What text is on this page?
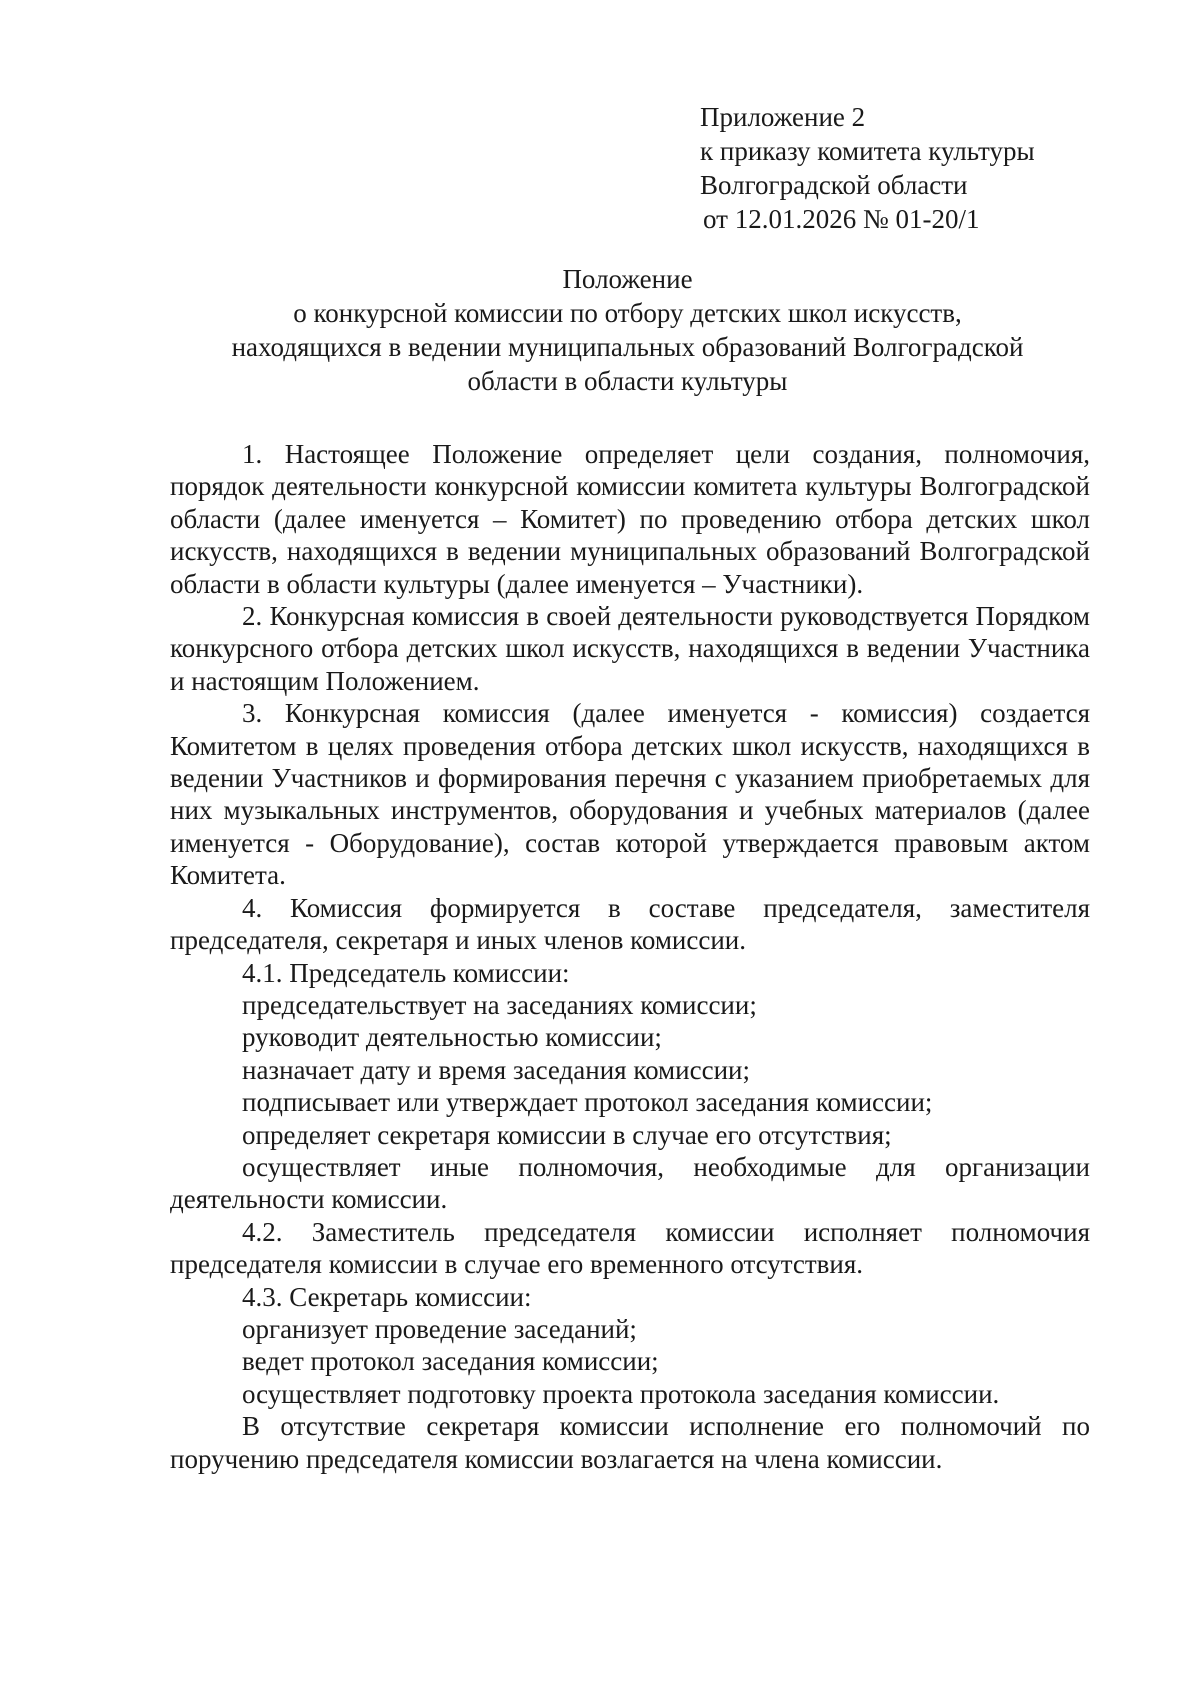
Приложение 2
к приказу комитета культуры
Волгоградской области
от 12.01.2026 № 01-20/1
Положение
о конкурсной комиссии по отбору детских школ искусств,
находящихся в ведении муниципальных образований Волгоградской
области в области культуры

1. Настоящее Положение определяет цели создания, полномочия, порядок деятельности конкурсной комиссии комитета культуры Волгоградской области (далее именуется – Комитет) по проведению отбора детских школ искусств, находящихся в ведении муниципальных образований Волгоградской области в области культуры (далее именуется – Участники).

2. Конкурсная комиссия в своей деятельности руководствуется Порядком конкурсного отбора детских школ искусств, находящихся в ведении Участника и настоящим Положением.

3. Конкурсная комиссия (далее именуется - комиссия) создается Комитетом в целях проведения отбора детских школ искусств, находящихся в ведении Участников и формирования перечня с указанием приобретаемых для них музыкальных инструментов, оборудования и учебных материалов (далее именуется - Оборудование), состав которой утверждается правовым актом Комитета.

4. Комиссия формируется в составе председателя, заместителя председателя, секретаря и иных членов комиссии.

4.1. Председатель комиссии:

председательствует на заседаниях комиссии;

руководит деятельностью комиссии;

назначает дату и время заседания комиссии;

подписывает или утверждает протокол заседания комиссии;

определяет секретаря комиссии в случае его отсутствия;

осуществляет иные полномочия, необходимые для организации деятельности комиссии.

4.2. Заместитель председателя комиссии исполняет полномочия председателя комиссии в случае его временного отсутствия.

4.3. Секретарь комиссии:

организует проведение заседаний;

ведет протокол заседания комиссии;

осуществляет подготовку проекта протокола заседания комиссии.

В отсутствие секретаря комиссии исполнение его полномочий по поручению председателя комиссии возлагается на члена комиссии.
